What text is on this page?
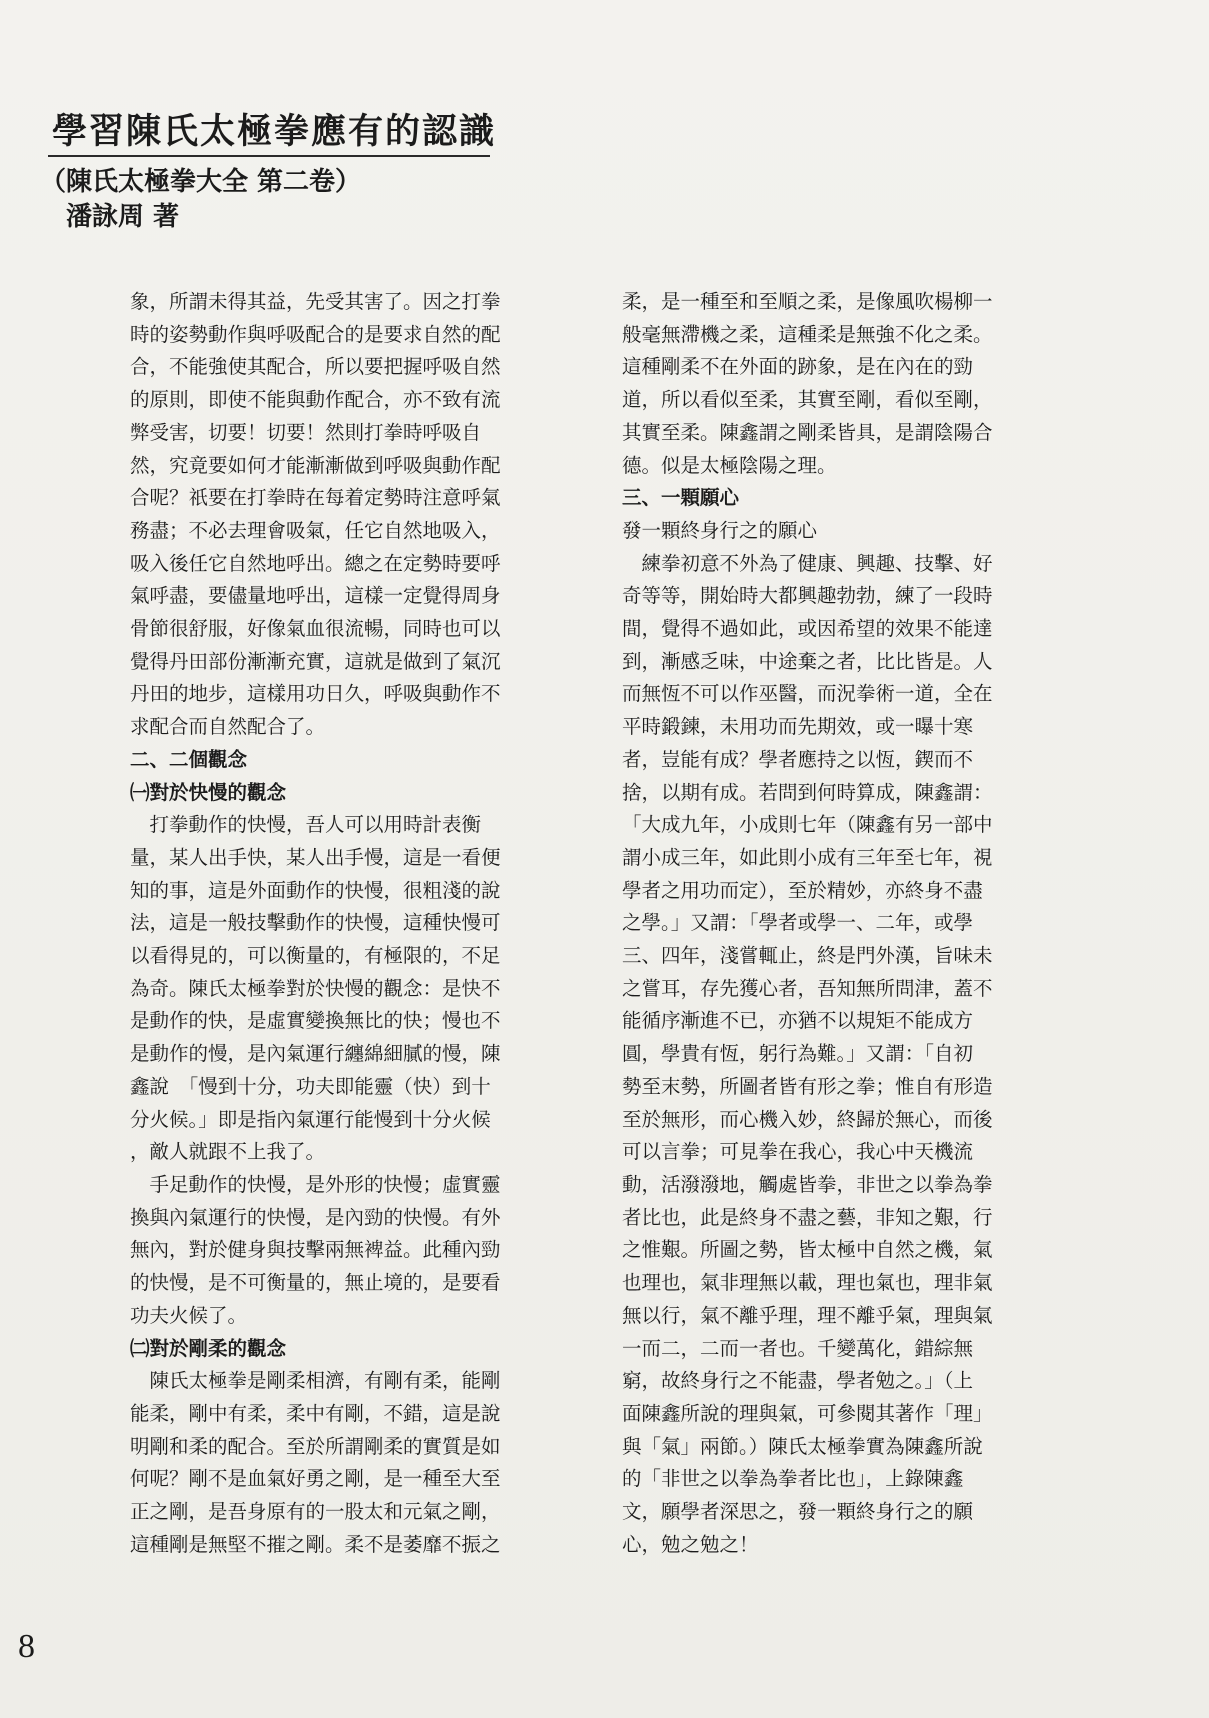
學習陳氏太極拳應有的認識
（陳氏太極拳大全 第二卷）
潘詠周 著

象，所謂未得其益，先受其害了。因之打拳

時的姿勢動作與呼吸配合的是要求自然的配

合，不能強使其配合，所以要把握呼吸自然

的原則，即使不能與動作配合，亦不致有流

弊受害，切要！切要！然則打拳時呼吸自

然，究竟要如何才能漸漸做到呼吸與動作配

合呢？祇要在打拳時在每着定勢時注意呼氣

務盡；不必去理會吸氣，任它自然地吸入，

吸入後任它自然地呼出。總之在定勢時要呼

氣呼盡，要儘量地呼出，這樣一定覺得周身

骨節很舒服，好像氣血很流暢，同時也可以

覺得丹田部份漸漸充實，這就是做到了氣沉

丹田的地步，這樣用功日久，呼吸與動作不

求配合而自然配合了。

二、二個觀念

㈠對於快慢的觀念

　打拳動作的快慢，吾人可以用時計表衡

量，某人出手快，某人出手慢，這是一看便

知的事，這是外面動作的快慢，很粗淺的說

法，這是一般技擊動作的快慢，這種快慢可

以看得見的，可以衡量的，有極限的，不足

為奇。陳氏太極拳對於快慢的觀念：是快不

是動作的快，是虛實變換無比的快；慢也不

是動作的慢，是內氣運行纏綿細膩的慢，陳

鑫說　「慢到十分，功夫即能靈（快）到十

分火候。」即是指內氣運行能慢到十分火候

，敵人就跟不上我了。

　手足動作的快慢，是外形的快慢；虛實靈

換與內氣運行的快慢，是內勁的快慢。有外

無內，對於健身與技擊兩無裨益。此種內勁

的快慢，是不可衡量的，無止境的，是要看

功夫火候了。

㈡對於剛柔的觀念

　陳氏太極拳是剛柔相濟，有剛有柔，能剛

能柔，剛中有柔，柔中有剛，不錯，這是說

明剛和柔的配合。至於所謂剛柔的實質是如

何呢？剛不是血氣好勇之剛，是一種至大至

正之剛，是吾身原有的一股太和元氣之剛，

這種剛是無堅不摧之剛。柔不是萎靡不振之

柔，是一種至和至順之柔，是像風吹楊柳一

般毫無滯機之柔，這種柔是無強不化之柔。

這種剛柔不在外面的跡象，是在內在的勁

道，所以看似至柔，其實至剛，看似至剛，

其實至柔。陳鑫謂之剛柔皆具，是謂陰陽合

德。似是太極陰陽之理。

三、一顆願心

發一顆終身行之的願心

　練拳初意不外為了健康、興趣、技擊、好

奇等等，開始時大都興趣勃勃，練了一段時

間，覺得不過如此，或因希望的效果不能達

到，漸感乏味，中途棄之者，比比皆是。人

而無恆不可以作巫醫，而況拳術一道，全在

平時鍛鍊，未用功而先期效，或一曝十寒

者，豈能有成？學者應持之以恆，鍥而不

捨，以期有成。若問到何時算成，陳鑫謂：

「大成九年，小成則七年（陳鑫有另一部中

謂小成三年，如此則小成有三年至七年，視

學者之用功而定），至於精妙，亦終身不盡

之學。」又謂：「學者或學一、二年，或學

三、四年，淺嘗輒止，終是門外漢，旨味未

之嘗耳，存先獲心者，吾知無所問津，蓋不

能循序漸進不已，亦猶不以規矩不能成方

圓，學貴有恆，躬行為難。」又謂：「自初

勢至末勢，所圖者皆有形之拳；惟自有形造

至於無形，而心機入妙，終歸於無心，而後

可以言拳；可見拳在我心，我心中天機流

動，活潑潑地，觸處皆拳，非世之以拳為拳

者比也，此是終身不盡之藝，非知之艱，行

之惟艱。所圖之勢，皆太極中自然之機，氣

也理也，氣非理無以載，理也氣也，理非氣

無以行，氣不離乎理，理不離乎氣，理與氣

一而二，二而一者也。千變萬化，錯綜無

窮，故終身行之不能盡，學者勉之。」（上

面陳鑫所說的理與氣，可參閱其著作「理」

與「氣」兩節。）陳氏太極拳實為陳鑫所說

的「非世之以拳為拳者比也」，上錄陳鑫

文，願學者深思之，發一顆終身行之的願

心，勉之勉之！

8
